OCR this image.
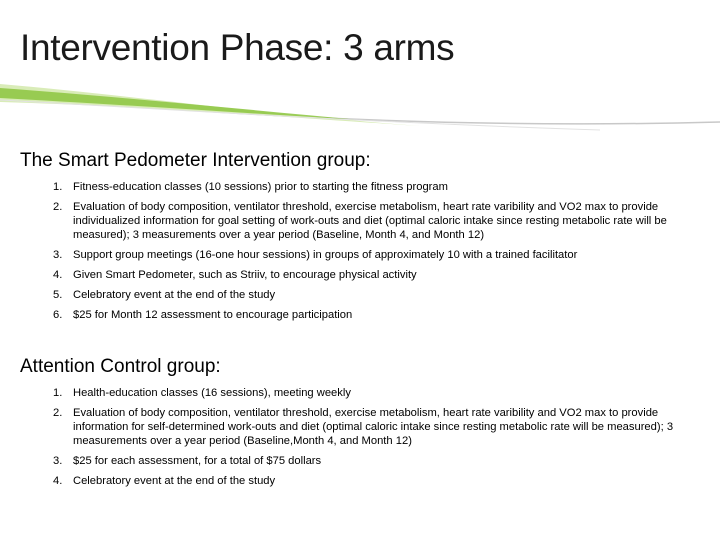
Intervention Phase: 3 arms
The Smart Pedometer Intervention group:
1. Fitness-education classes (10 sessions) prior to starting the fitness program
2. Evaluation of body composition, ventilator threshold, exercise metabolism, heart rate varibility and VO2 max to provide individualized information for goal setting of work-outs and diet (optimal caloric intake since resting metabolic rate will be measured); 3 measurements over a year period (Baseline, Month 4, and Month 12)
3. Support group meetings (16-one hour sessions) in groups of approximately 10 with a trained facilitator
4. Given Smart Pedometer, such as Striiv, to encourage physical activity
5. Celebratory event at the end of the study
6. $25 for Month 12 assessment to encourage participation
Attention Control group:
1. Health-education classes (16 sessions), meeting weekly
2. Evaluation of body composition, ventilator threshold, exercise metabolism, heart rate varibility and VO2 max to provide information for self-determined work-outs and diet (optimal caloric intake since resting metabolic rate will be measured); 3 measurements over a year period (Baseline,Month 4, and Month 12)
3. $25 for each assessment, for a total of $75 dollars
4. Celebratory event at the end of the study
